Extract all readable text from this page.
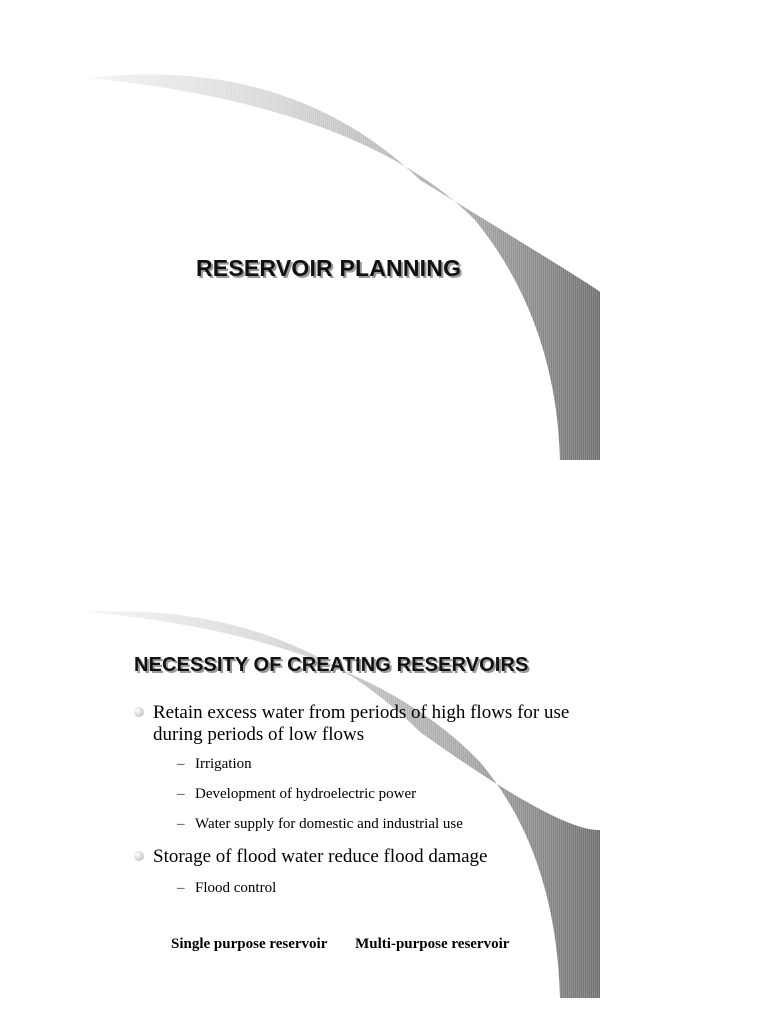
RESERVOIR PLANNING
NECESSITY OF CREATING RESERVOIRS
Retain excess water from periods of high flows for use during periods of low flows
– Irrigation
– Development of hydroelectric power
– Water supply for domestic and industrial use
Storage of flood water reduce flood damage
– Flood control
Single purpose reservoir Multi-purpose reservoir
